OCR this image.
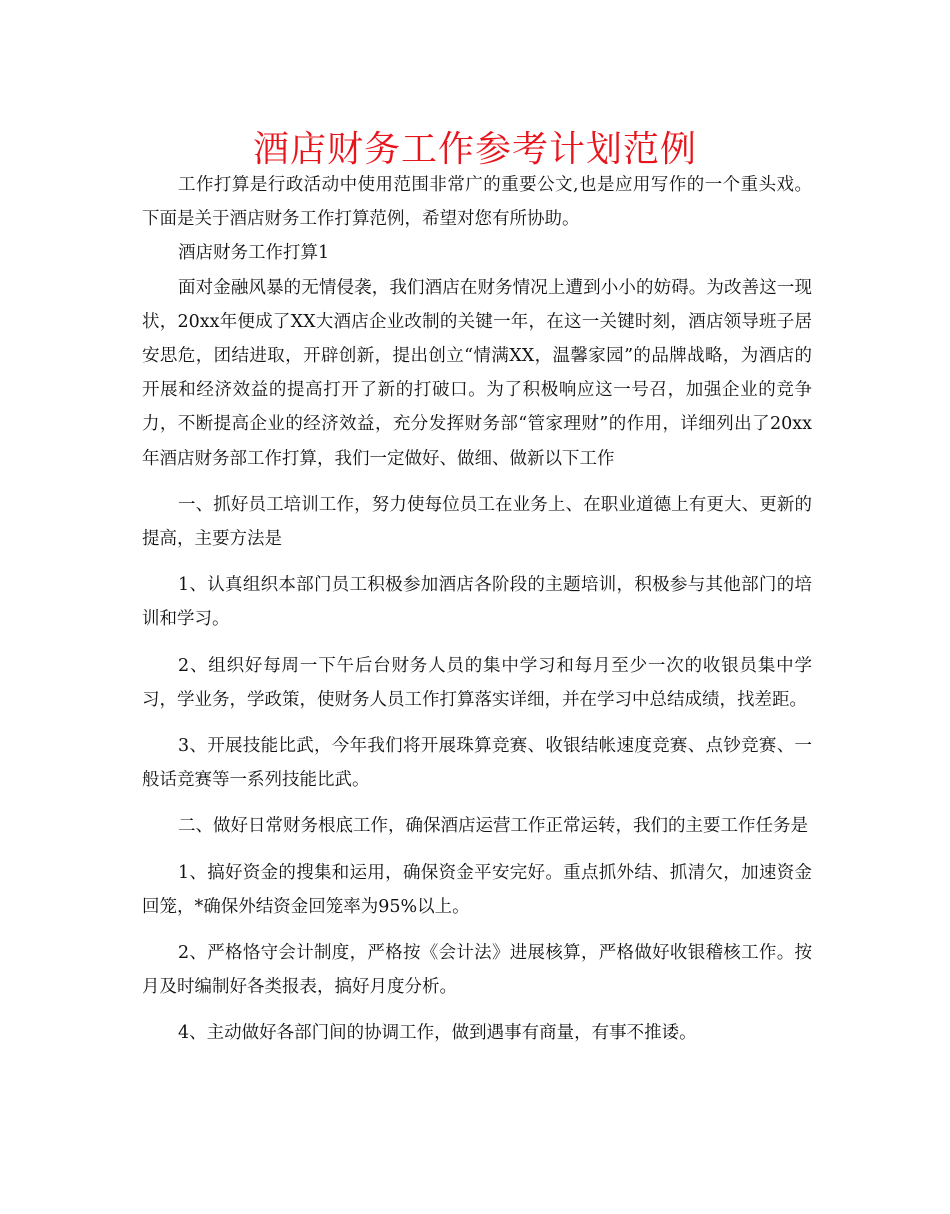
酒店财务工作参考计划范例

工作打算是行政活动中使用范围非常广的重要公文,也是应用写作的一个重头戏。下面是关于酒店财务工作打算范例，希望对您有所协助。

酒店财务工作打算1

面对金融风暴的无情侵袭，我们酒店在财务情况上遭到小小的妨碍。为改善这一现状，20xx年便成了XX大酒店企业改制的关键一年，在这一关键时刻，酒店领导班子居安思危，团结进取，开辟创新，提出创立“情满XX，温馨家园”的品牌战略，为酒店的开展和经济效益的提高打开了新的打破口。为了积极响应这一号召，加强企业的竞争力，不断提高企业的经济效益，充分发挥财务部“管家理财”的作用，详细列出了20xx年酒店财务部工作打算，我们一定做好、做细、做新以下工作

一、抓好员工培训工作，努力使每位员工在业务上、在职业道德上有更大、更新的提高，主要方法是

1、认真组织本部门员工积极参加酒店各阶段的主题培训，积极参与其他部门的培训和学习。

2、组织好每周一下午后台财务人员的集中学习和每月至少一次的收银员集中学习，学业务，学政策，使财务人员工作打算落实详细，并在学习中总结成绩，找差距。

3、开展技能比武，今年我们将开展珠算竞赛、收银结帐速度竞赛、点钞竞赛、一般话竞赛等一系列技能比武。

二、做好日常财务根底工作，确保酒店运营工作正常运转，我们的主要工作任务是

1、搞好资金的搜集和运用，确保资金平安完好。重点抓外结、抓清欠，加速资金回笼，*确保外结资金回笼率为95%以上。

2、严格恪守会计制度，严格按《会计法》进展核算，严格做好收银稽核工作。按月及时编制好各类报表，搞好月度分析。

4、主动做好各部门间的协调工作，做到遇事有商量，有事不推诿。
